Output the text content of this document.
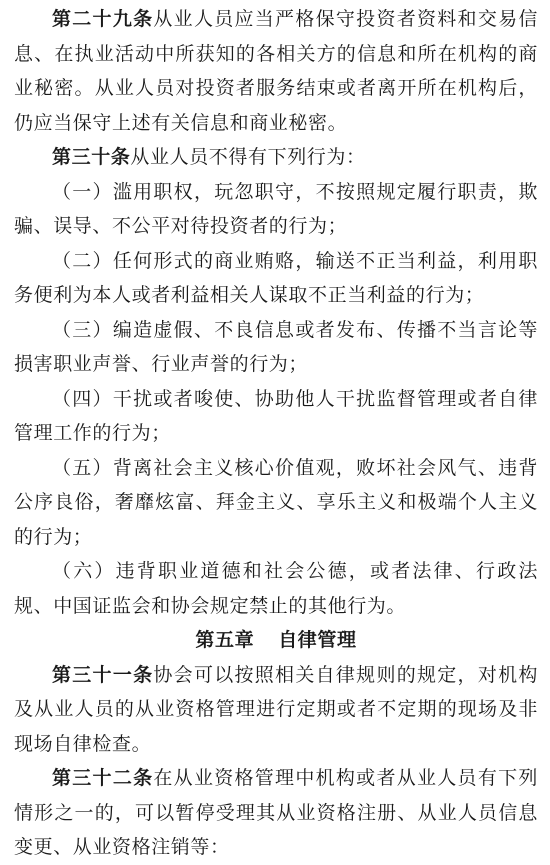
第二十九条从业人员应当严格保守投资者资料和交易信息、在执业活动中所获知的各相关方的信息和所在机构的商业秘密。从业人员对投资者服务结束或者离开所在机构后，仍应当保守上述有关信息和商业秘密。

第三十条从业人员不得有下列行为：

（一）滥用职权，玩忽职守，不按照规定履行职责，欺骗、误导、不公平对待投资者的行为；

（二）任何形式的商业贿赂，输送不正当利益，利用职务便利为本人或者利益相关人谋取不正当利益的行为；

（三）编造虚假、不良信息或者发布、传播不当言论等损害职业声誉、行业声誉的行为；

（四）干扰或者唆使、协助他人干扰监督管理或者自律管理工作的行为；

（五）背离社会主义核心价值观，败坏社会风气、违背公序良俗，奢靡炫富、拜金主义、享乐主义和极端个人主义的行为；

（六）违背职业道德和社会公德，或者法律、行政法规、中国证监会和协会规定禁止的其他行为。

第五章 自律管理

第三十一条协会可以按照相关自律规则的规定，对机构及从业人员的从业资格管理进行定期或者不定期的现场及非现场自律检查。

第三十二条在从业资格管理中机构或者从业人员有下列情形之一的，可以暂停受理其从业资格注册、从业人员信息变更、从业资格注销等：
